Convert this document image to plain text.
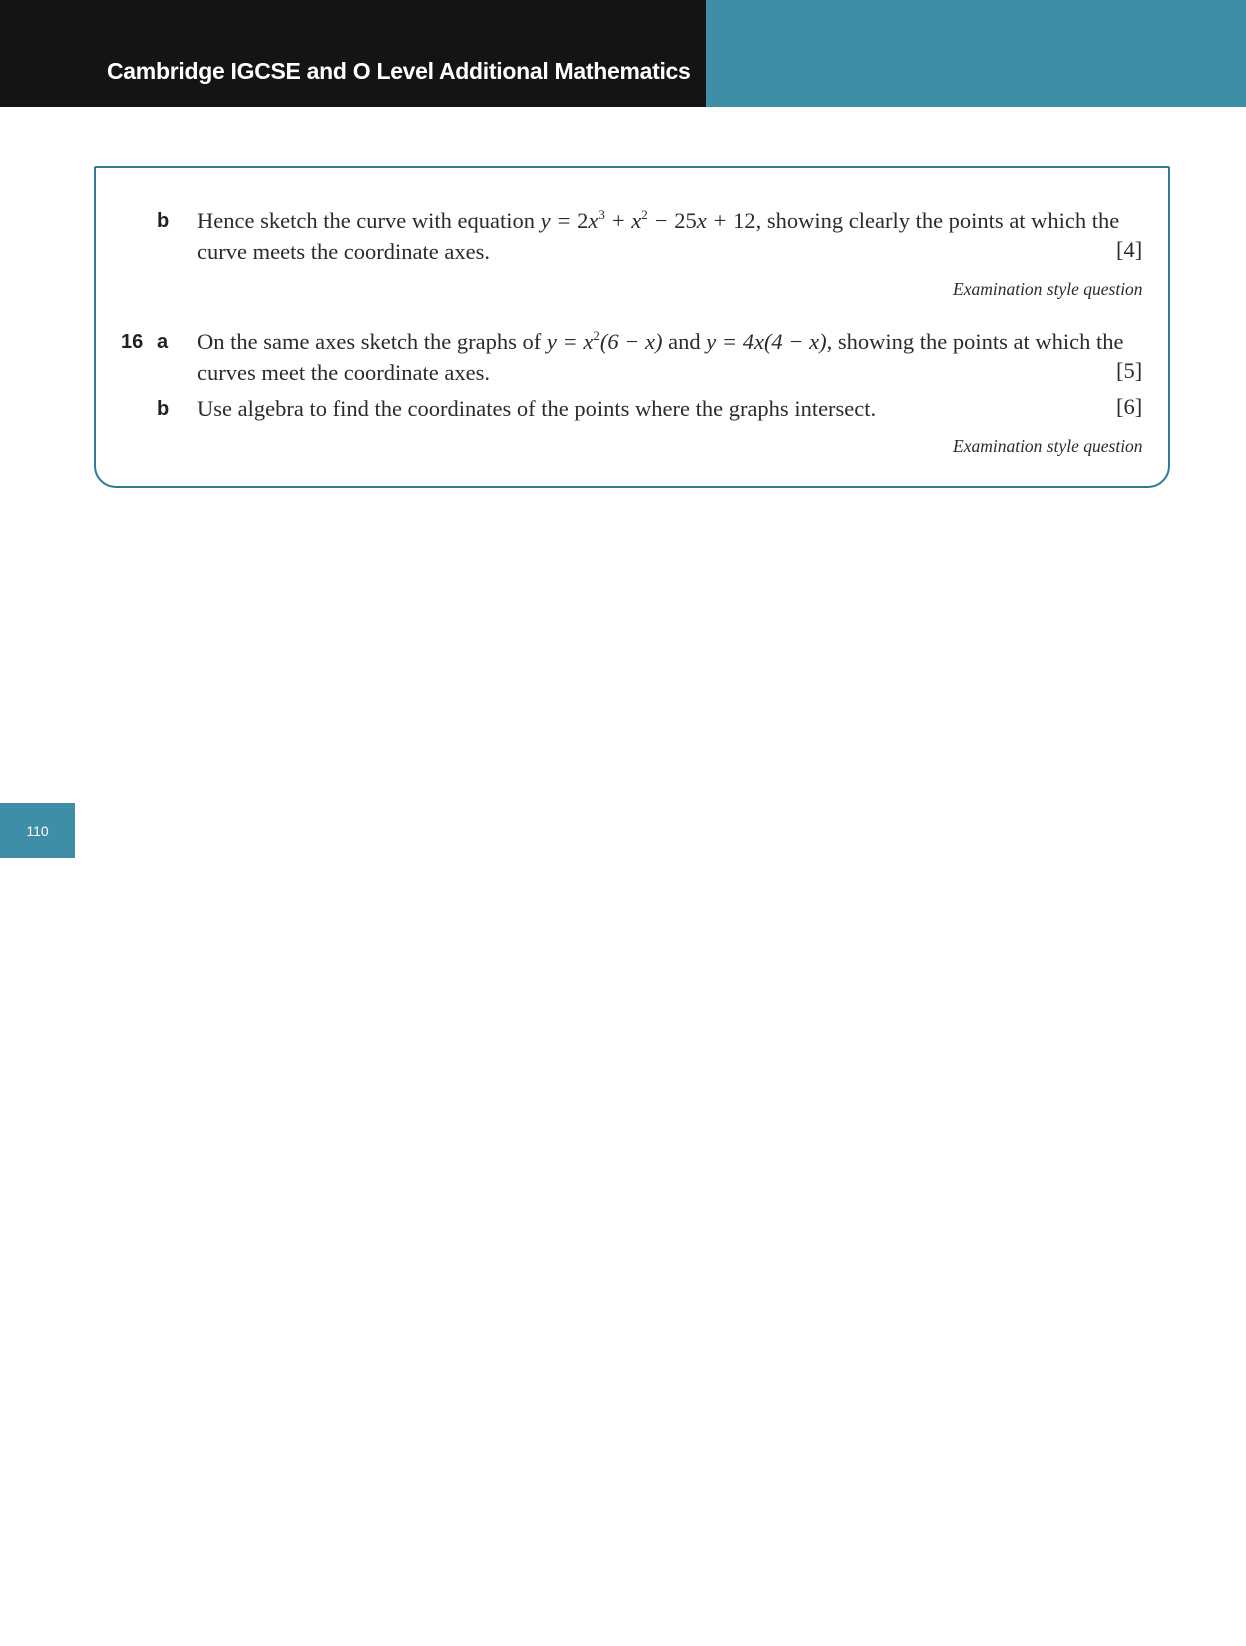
Cambridge IGCSE and O Level Additional Mathematics
b Hence sketch the curve with equation $y = 2x^3 + x^2 - 25x + 12$, showing clearly the points at which the curve meets the coordinate axes.	[4]
Examination style question
16 a On the same axes sketch the graphs of $y = x^2(6 - x)$ and y = 4x(4 − x), showing the points at which the curves meet the coordinate axes.	[5]
b Use algebra to find the coordinates of the points where the graphs intersect.	[6]
Examination style question
110
